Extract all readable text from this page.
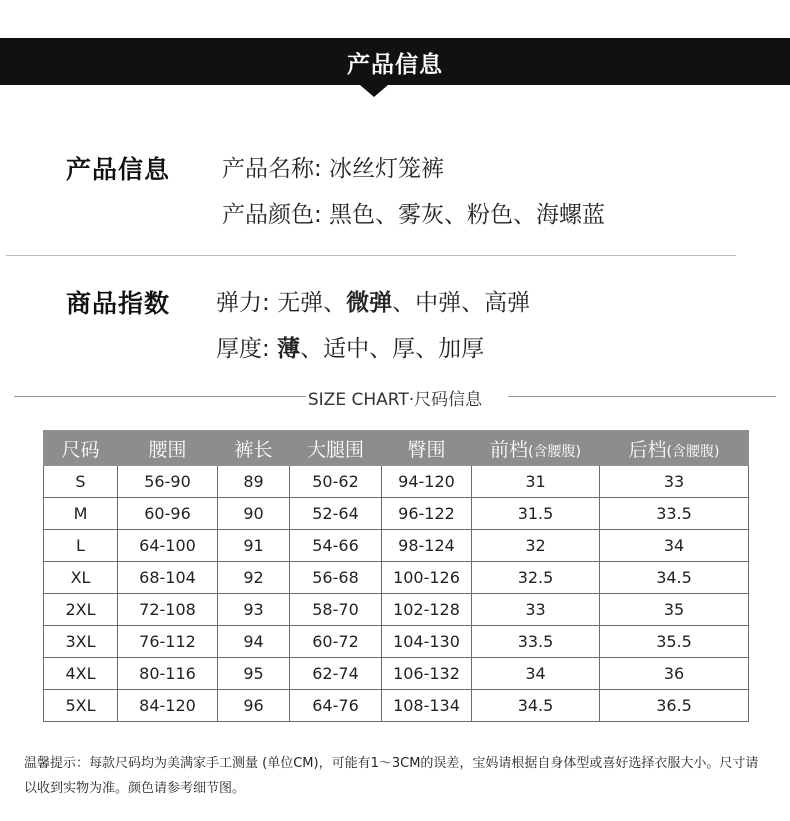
产品信息
产品信息 产品名称: 冰丝灯笼裤
产品颜色: 黑色、雾灰、粉色、海螺蓝
商品指数 弹力: 无弹、微弹、中弹、高弹
厚度: 薄、适中、厚、加厚
SIZE CHART·尺码信息
尺码	腰围	裤长	大腿围	臀围	前档(含腰腹)	后档(含腰腹)
S	56-90	89	50-62	94-120	31	33
M	60-96	90	52-64	96-122	31.5	33.5
L	64-100	91	54-66	98-124	32	34
XL	68-104	92	56-68	100-126	32.5	34.5
2XL	72-108	93	58-70	102-128	33	35
3XL	76-112	94	60-72	104-130	33.5	35.5
4XL	80-116	95	62-74	106-132	34	36
5XL	84-120	96	64-76	108-134	34.5	36.5
温馨提示：每款尺码均为美满家手工测量 (单位CM)，可能有1～3CM的误差，宝妈请根据自身体型或喜好选择衣服大小。尺寸请以收到实物为准。颜色请参考细节图。
